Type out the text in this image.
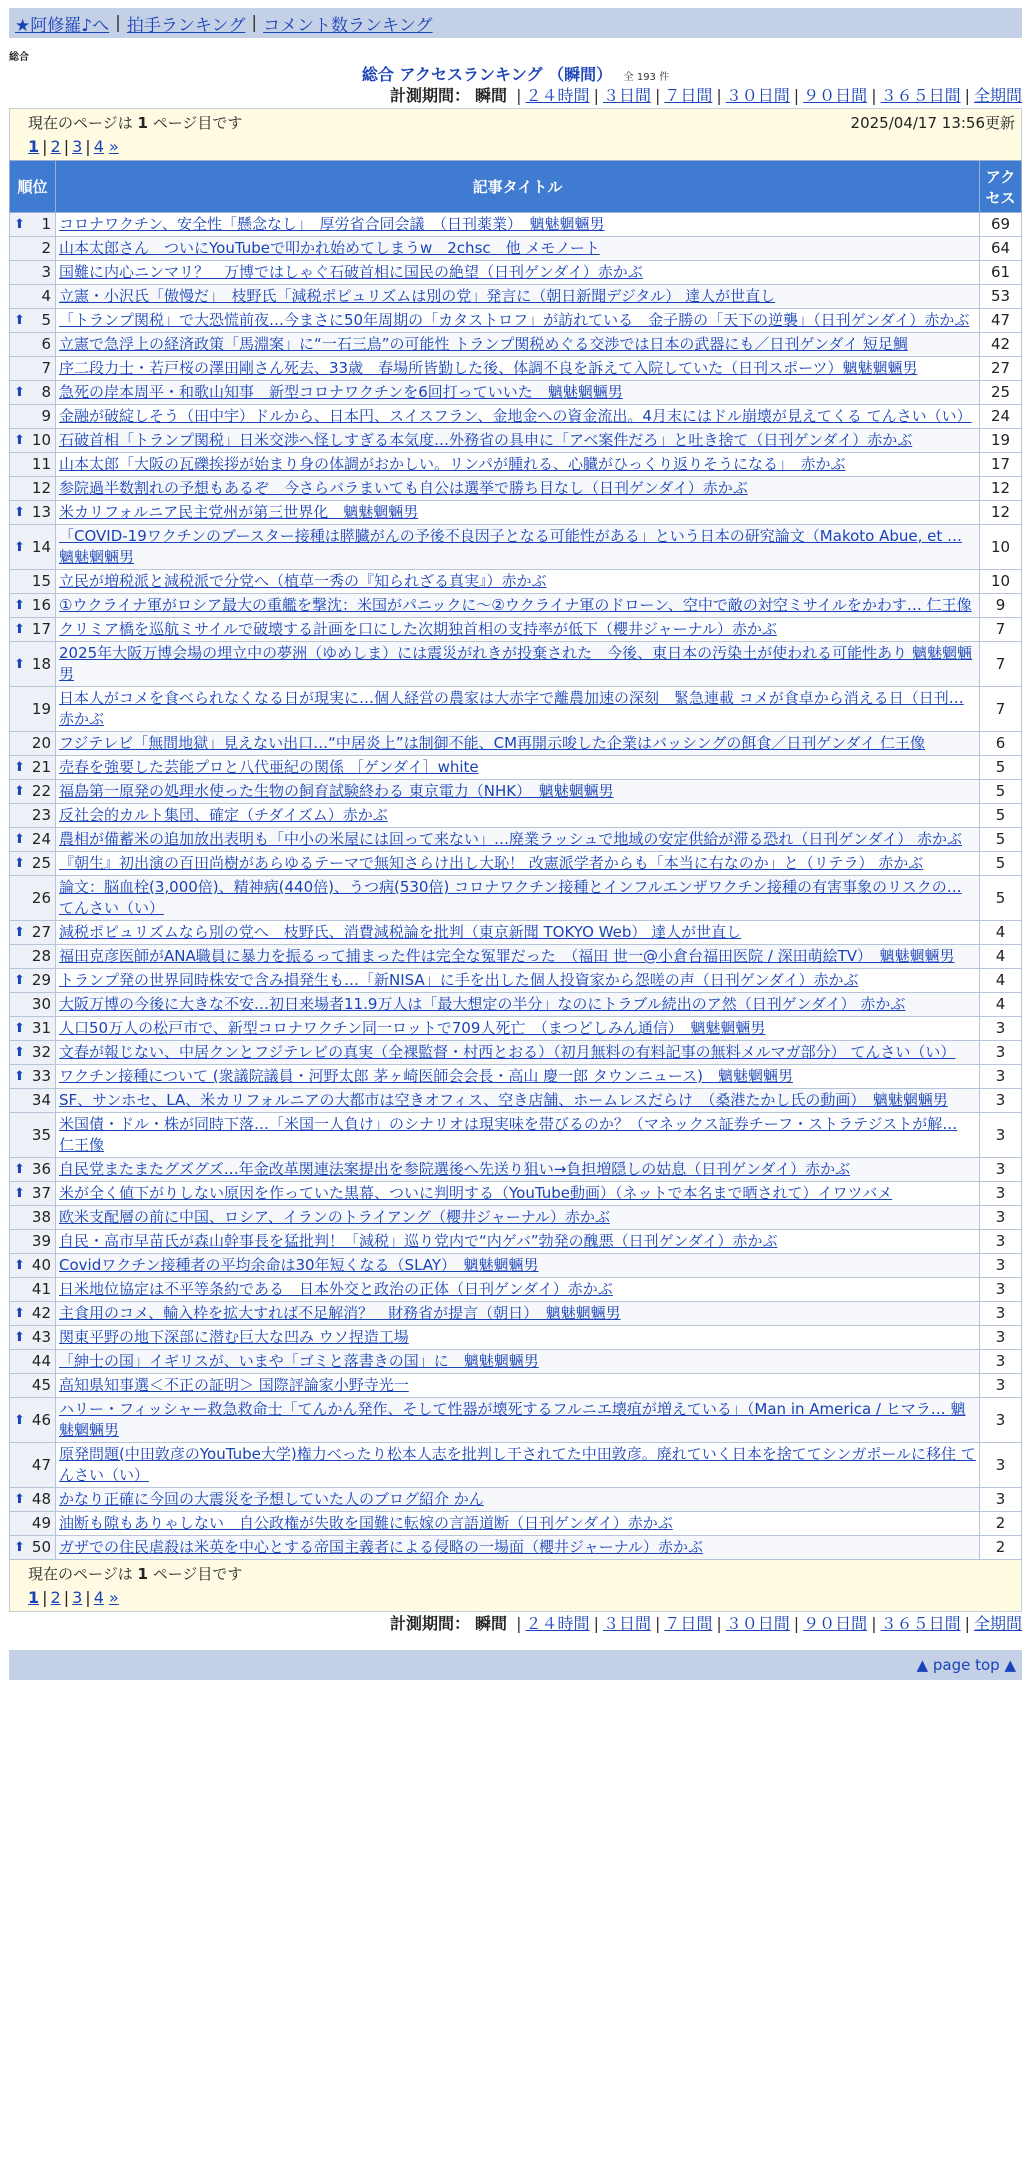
★阿修羅♪へ | 拍手ランキング | コメント数ランキング
総合
総合 アクセスランキング （瞬間） 全 193 件
計測期間： 瞬間 | ２４時間 | ３日間 | ７日間 | ３０日間 | ９０日間 | ３６５日間 | 全期間
現在のページは 1 ページ目です	2025/04/17 13:56更新
1 | 2 | 3 | 4 »
順位	記事タイトル	アクセス

⬆ 1	コロナワクチン、安全性「懸念なし」　厚労省合同会議　（日刊薬業）　魑魅魍魎男	69
2	山本太郎さん　ついにYouTubeで叩かれ始めてしまうw　2chsc　他 メモノート	64
3	国難に内心ニンマリ？　万博ではしゃぐ石破首相に国民の絶望（日刊ゲンダイ）赤かぶ	61
4	立憲・小沢氏「傲慢だ」　枝野氏「減税ポピュリズムは別の党」発言に（朝日新聞デジタル） 達人が世直し	53

⬆ 5	「トランプ関税」で大恐慌前夜…今まさに50年周期の「カタストロフ」が訪れている　金子勝の「天下の逆襲」（日刊ゲンダイ）赤かぶ	47
6	立憲で急浮上の経済政策「馬淵案」に“一石三鳥”の可能性 トランプ関税めぐる交渉では日本の武器にも／日刊ゲンダイ 短足鯛	42
7	序二段力士・若戸桜の澤田剛さん死去、33歳　春場所皆勤した後、体調不良を訴えて入院していた（日刊スポーツ）魑魅魍魎男	27

⬆ 8	急死の岸本周平・和歌山知事　新型コロナワクチンを6回打っていいた　魑魅魍魎男	25
9	金融が破綻しそう（田中宇）ドルから、日本円、スイスフラン、金地金への資金流出。4月末にはドル崩壊が見えてくる てんさい（い）	24

⬆ 10	石破首相「トランプ関税」日米交渉へ怪しすぎる本気度…外務省の具申に「アベ案件だろ」と吐き捨て（日刊ゲンダイ）赤かぶ	19
11	山本太郎「大阪の瓦礫挨拶が始まり身の体調がおかしい。リンパが腫れる、心臓がひっくり返りそうになる」　赤かぶ	17
12	参院過半数割れの予想もあるぞ　今さらバラまいても自公は選挙で勝ち目なし（日刊ゲンダイ）赤かぶ	12

⬆ 13	米カリフォルニア民主党州が第三世界化　魑魅魍魎男	12

⬆ 14	「COVID-19ワクチンのブースター接種は膵臓がんの予後不良因子となる可能性がある」という日本の研究論文（Makoto Abue, et … 魑魅魍魎男	10
15	立民が増税派と減税派で分党へ（植草一秀の『知られざる真実』）赤かぶ	10

⬆ 16	①ウクライナ軍がロシア最大の重艦を撃沈：米国がパニックに〜②ウクライナ軍のドローン、空中で敵の対空ミサイルをかわす… 仁王像	9

⬆ 17	クリミア橋を巡航ミサイルで破壊する計画を口にした次期独首相の支持率が低下（櫻井ジャーナル）赤かぶ	7

⬆ 18	2025年大阪万博会場の埋立中の夢洲（ゆめしま）には震災がれきが投棄された　今後、東日本の汚染土が使われる可能性あり 魑魅魍魎男	7
19	日本人がコメを食べられなくなる日が現実に…個人経営の農家は大赤字で離農加速の深刻　緊急連載 コメが食卓から消える日（日刊… 赤かぶ	7
20	フジテレビ「無間地獄」見えない出口…“中居炎上”は制御不能、CM再開示唆した企業はバッシングの餌食／日刊ゲンダイ 仁王像	6

⬆ 21	売春を強要した芸能プロと八代亜紀の関係 ［ゲンダイ］white	5

⬆ 22	福島第一原発の処理水使った生物の飼育試験終わる 東京電力（NHK）　魑魅魍魎男	5
23	反社会的カルト集団、確定（チダイズム）赤かぶ	5

⬆ 24	農相が備蓄米の追加放出表明も「中小の米屋には回って来ない」…廃業ラッシュで地域の安定供給が滞る恐れ（日刊ゲンダイ） 赤かぶ	5

⬆ 25	『朝生』初出演の百田尚樹があらゆるテーマで無知さらけ出し大恥！ 改憲派学者からも「本当に右なのか」と（リテラ） 赤かぶ	5
26	論文：脳血栓(3,000倍)、精神病(440倍)、うつ病(530倍) コロナワクチン接種とインフルエンザワクチン接種の有害事象のリスクの… てんさい（い）	5

⬆ 27	減税ポピュリズムなら別の党へ　枝野氏、消費減税論を批判（東京新聞 TOKYO Web） 達人が世直し	4
28	福田克彦医師がANA職員に暴力を振るって捕まった件は完全な冤罪だった　（福田 世一@小倉台福田医院 / 深田萌絵TV）　魑魅魍魎男	4

⬆ 29	トランプ発の世界同時株安で含み損発生も…「新NISA」に手を出した個人投資家から怨嗟の声（日刊ゲンダイ）赤かぶ	4
30	大阪万博の今後に大きな不安…初日来場者11.9万人は「最大想定の半分」なのにトラブル続出のア然（日刊ゲンダイ） 赤かぶ	4

⬆ 31	人口50万人の松戸市で、新型コロナワクチン同一ロットで709人死亡　（まつどしみん通信）　魑魅魍魎男	3

⬆ 32	文春が報じない、中居クンとフジテレビの真実（全裸監督・村西とおる）（初月無料の有料記事の無料メルマガ部分） てんさい（い）	3

⬆ 33	ワクチン接種について (衆議院議員・河野太郎 茅ヶ崎医師会会長・高山 慶一郎 タウンニュース)　魑魅魍魎男	3
34	SF、サンホセ、LA、米カリフォルニアの大都市は空きオフィス、空き店舗、ホームレスだらけ　（桑港たかし氏の動画）　魑魅魍魎男	3
35	米国債・ドル・株が同時下落…「米国一人負け」のシナリオは現実味を帯びるのか？（マネックス証券チーフ・ストラテジストが解… 仁王像	3

⬆ 36	自民党またまたグズグズ…年金改革関連法案提出を参院選後へ先送り狙い→負担増隠しの姑息（日刊ゲンダイ）赤かぶ	3

⬆ 37	米が全く値下がりしない原因を作っていた黒幕、ついに判明する（YouTube動画）（ネットで本名まで晒されて）イワツバメ	3
38	欧米支配層の前に中国、ロシア、イランのトライアング（櫻井ジャーナル）赤かぶ	3
39	自民・高市早苗氏が森山幹事長を猛批判！「減税」巡り党内で“内ゲバ”勃発の醜悪（日刊ゲンダイ）赤かぶ	3

⬆ 40	Covidワクチン接種者の平均余命は30年短くなる（SLAY）　魑魅魍魎男	3
41	日米地位協定は不平等条約である　日本外交と政治の正体（日刊ゲンダイ）赤かぶ	3

⬆ 42	主食用のコメ、輸入枠を拡大すれば不足解消？　財務省が提言（朝日）　魑魅魍魎男	3

⬆ 43	関東平野の地下深部に潜む巨大な凹み ウソ捏造工場	3
44	「紳士の国」イギリスが、いまや「ゴミと落書きの国」に　魑魅魍魎男	3
45	高知県知事選＜不正の証明＞ 国際評論家小野寺光一	3

⬆ 46	ハリー・フィッシャー救急救命士「てんかん発作、そして性器が壊死するフルニエ壊疽が増えている」（Man in America / ヒマラ… 魑魅魍魎男	3
47	原発問題(中田敦彦のYouTube大学)権力べったり松本人志を批判し干されてた中田敦彦。廃れていく日本を捨ててシンガポールに移住 てんさい（い）	3

⬆ 48	かなり正確に今回の大震災を予想していた人のブログ紹介 かん	3
49	油断も隙もありゃしない　自公政権が失敗を国難に転嫁の言語道断（日刊ゲンダイ）赤かぶ	2

⬆ 50	ガザでの住民虐殺は米英を中心とする帝国主義者による侵略の一場面（櫻井ジャーナル）赤かぶ	2
現在のページは 1 ページ目です
1 | 2 | 3 | 4 »
計測期間： 瞬間 | ２４時間 | ３日間 | ７日間 | ３０日間 | ９０日間 | ３６５日間 | 全期間
▲ page top ▲
